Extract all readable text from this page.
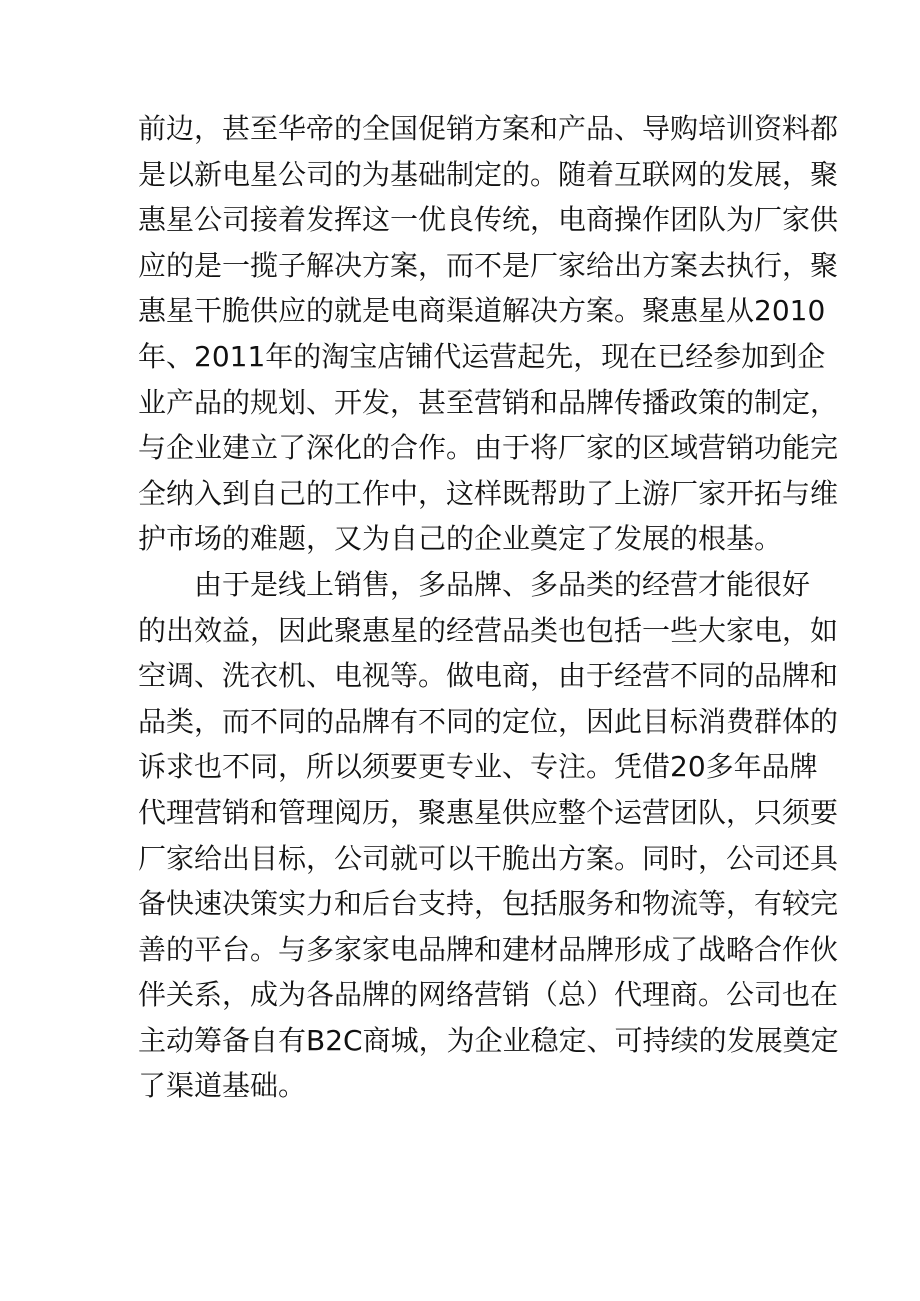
前边，甚至华帝的全国促销方案和产品、导购培训资料都
是以新电星公司的为基础制定的。随着互联网的发展，聚
惠星公司接着发挥这一优良传统，电商操作团队为厂家供
应的是一揽子解决方案，而不是厂家给出方案去执行，聚
惠星干脆供应的就是电商渠道解决方案。聚惠星从2010
年、2011年的淘宝店铺代运营起先，现在已经参加到企
业产品的规划、开发，甚至营销和品牌传播政策的制定，
与企业建立了深化的合作。由于将厂家的区域营销功能完
全纳入到自己的工作中，这样既帮助了上游厂家开拓与维
护市场的难题，又为自己的企业奠定了发展的根基。
由于是线上销售，多品牌、多品类的经营才能很好
的出效益，因此聚惠星的经营品类也包括一些大家电，如
空调、洗衣机、电视等。做电商，由于经营不同的品牌和
品类，而不同的品牌有不同的定位，因此目标消费群体的
诉求也不同，所以须要更专业、专注。凭借20多年品牌
代理营销和管理阅历，聚惠星供应整个运营团队，只须要
厂家给出目标，公司就可以干脆出方案。同时，公司还具
备快速决策实力和后台支持，包括服务和物流等，有较完
善的平台。与多家家电品牌和建材品牌形成了战略合作伙
伴关系，成为各品牌的网络营销（总）代理商。公司也在
主动筹备自有B2C商城，为企业稳定、可持续的发展奠定
了渠道基础。
